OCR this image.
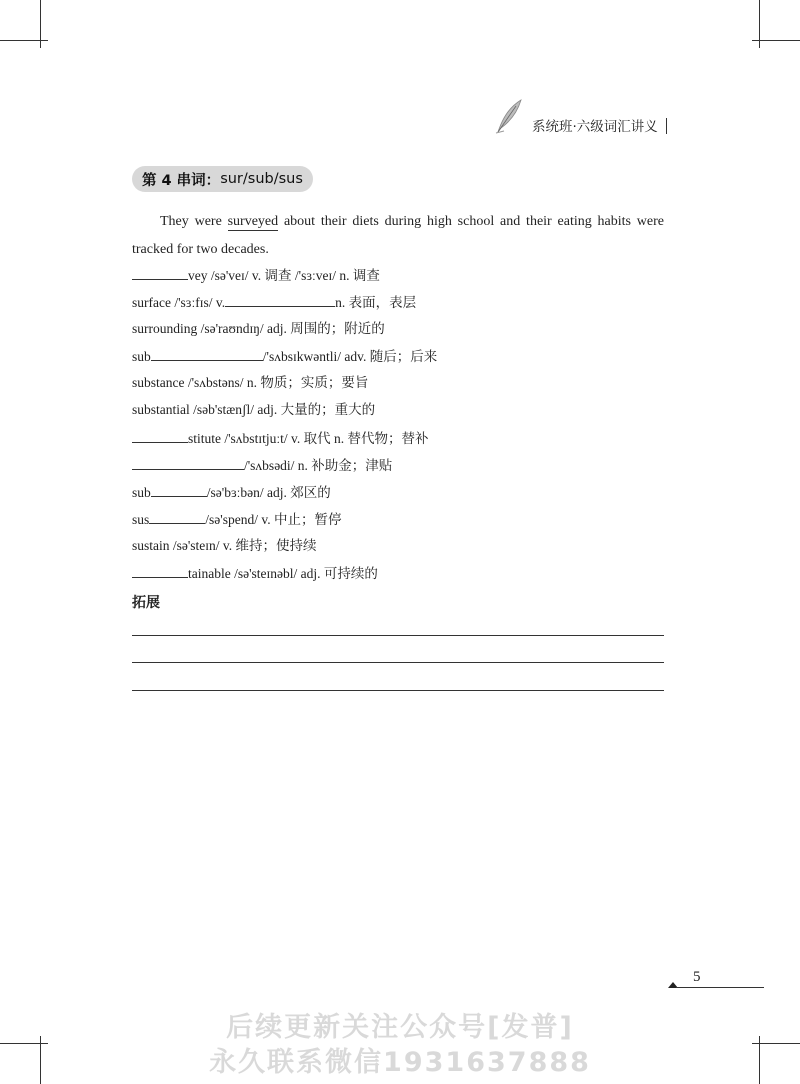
系统班·六级词汇讲义
第 4 串词： sur/sub/sus
They were surveyed about their diets during high school and their eating habits were tracked for two decades.
vey /sə'veɪ/ v. 调查 /'sɜːveɪ/ n. 调查
surface /'sɜːfɪs/ v.	n. 表面，表层
surrounding /sə'raʊndɪŋ/ adj. 周围的；附近的
sub	/'sʌbsɪkwəntli/ adv. 随后；后来
substance /'sʌbstəns/ n. 物质；实质；要旨
substantial /səb'stænʃl/ adj. 大量的；重大的
stitute /'sʌbstɪtjuːt/ v. 取代 n. 替代物；替补
/'sʌbsədi/ n. 补助金；津贴
sub	/sə'bɜːbən/ adj. 郊区的
sus	/sə'spend/ v. 中止；暂停
sustain /sə'steɪn/ v. 维持；使持续
tainable /sə'steɪnəbl/ adj. 可持续的
拓展
5
后续更新关注公众号[发普]
永久联系微信1931637888
